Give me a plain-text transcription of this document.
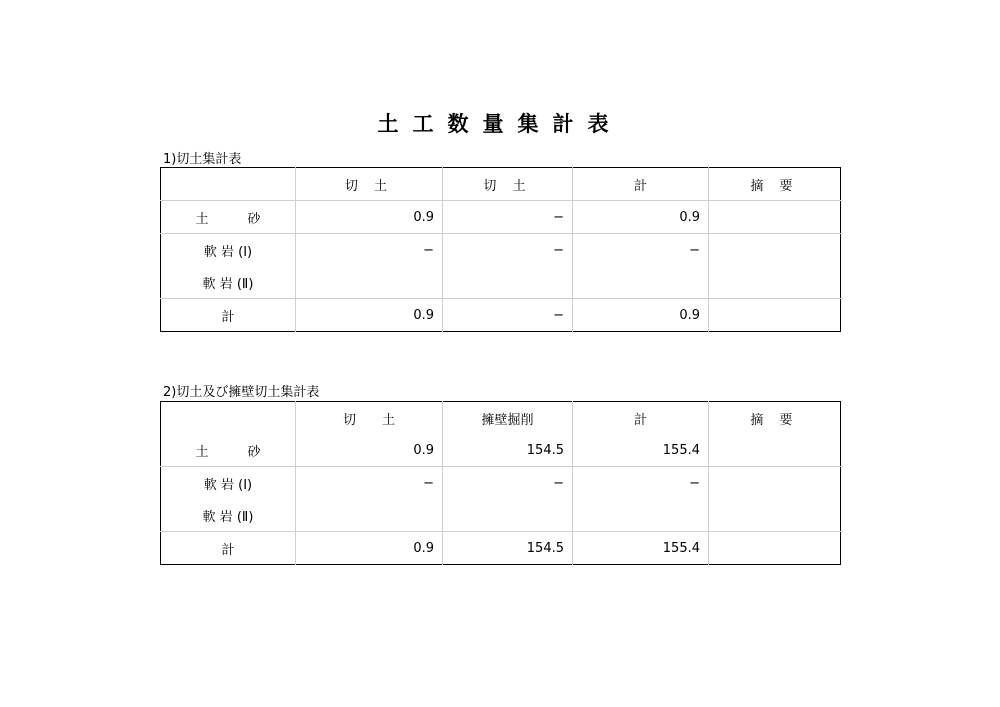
土工数量集計表
1)切土集計表
	切 土	切 土	計	摘 要
土　　　砂	0.9	−	0.9	
軟 岩 (Ⅰ)	−	−	−	
軟 岩 (Ⅱ)				
計	0.9	−	0.9	
2)切土及び擁壁切土集計表
	切　　土	擁壁掘削	計	摘 要
土　　　砂	0.9	154.5	155.4	
軟 岩 (Ⅰ)	−	−	−	
軟 岩 (Ⅱ)				
計	0.9	154.5	155.4	
